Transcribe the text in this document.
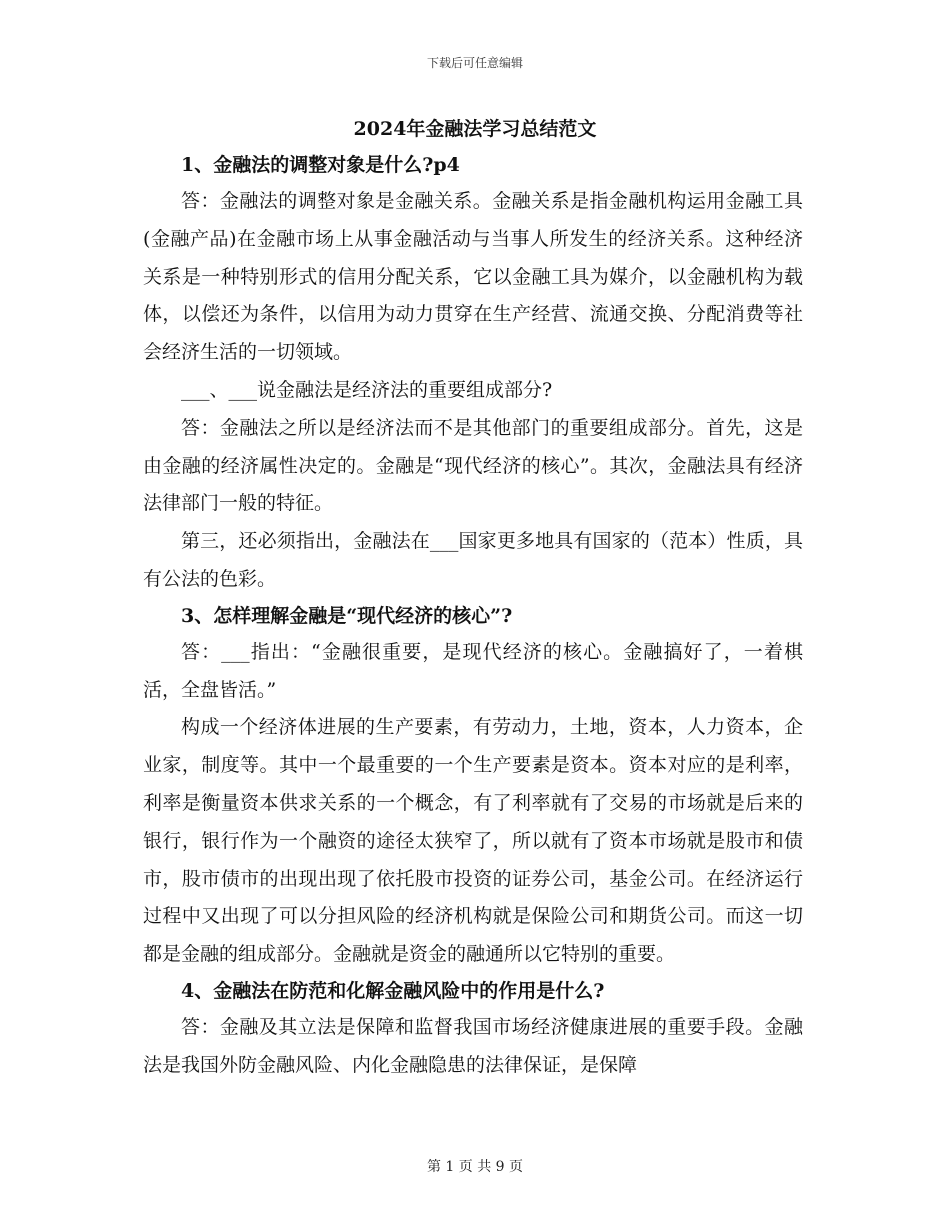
下载后可任意编辑
2024年金融法学习总结范文

1、金融法的调整对象是什么?p4

答：金融法的调整对象是金融关系。金融关系是指金融机构运用金融工具(金融产品)在金融市场上从事金融活动与当事人所发生的经济关系。这种经济关系是一种特别形式的信用分配关系，它以金融工具为媒介，以金融机构为载体，以偿还为条件，以信用为动力贯穿在生产经营、流通交换、分配消费等社会经济生活的一切领域。

___、___说金融法是经济法的重要组成部分?

答：金融法之所以是经济法而不是其他部门的重要组成部分。首先，这是由金融的经济属性决定的。金融是“现代经济的核心”。其次，金融法具有经济法律部门一般的特征。

第三，还必须指出，金融法在___国家更多地具有国家的（范本）性质，具有公法的色彩。

3、怎样理解金融是“现代经济的核心”?

答：___指出：“金融很重要，是现代经济的核心。金融搞好了，一着棋活，全盘皆活。”

构成一个经济体进展的生产要素，有劳动力，土地，资本，人力资本，企业家，制度等。其中一个最重要的一个生产要素是资本。资本对应的是利率，利率是衡量资本供求关系的一个概念，有了利率就有了交易的市场就是后来的银行，银行作为一个融资的途径太狭窄了，所以就有了资本市场就是股市和债市，股市债市的出现出现了依托股市投资的证券公司，基金公司。在经济运行过程中又出现了可以分担风险的经济机构就是保险公司和期货公司。而这一切都是金融的组成部分。金融就是资金的融通所以它特别的重要。

4、金融法在防范和化解金融风险中的作用是什么?

答：金融及其立法是保障和监督我国市场经济健康进展的重要手段。金融法是我国外防金融风险、内化金融隐患的法律保证，是保障

第 1 页 共 9 页
